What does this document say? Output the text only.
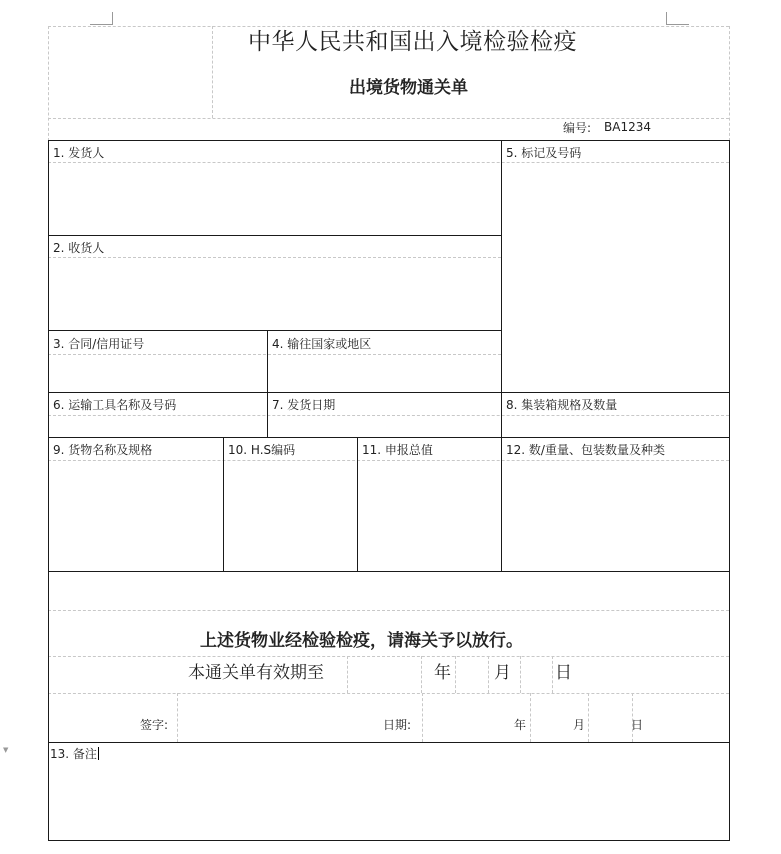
▼
中华人民共和国出入境检验检疫
出境货物通关单
编号: BA1234
1. 发货人	5. 标记及号码
2. 收货人
3. 合同/信用证号	4. 输往国家或地区
6. 运输工具名称及号码	7. 发货日期	8. 集装箱规格及数量
9. 货物名称及规格	10. H.S编码	11. 申报总值	12. 数/重量、包装数量及种类
上述货物业经检验检疫，请海关予以放行。
本通关单有效期至	年	月	日
签字:	日期:	年	月	日
13. 备注
